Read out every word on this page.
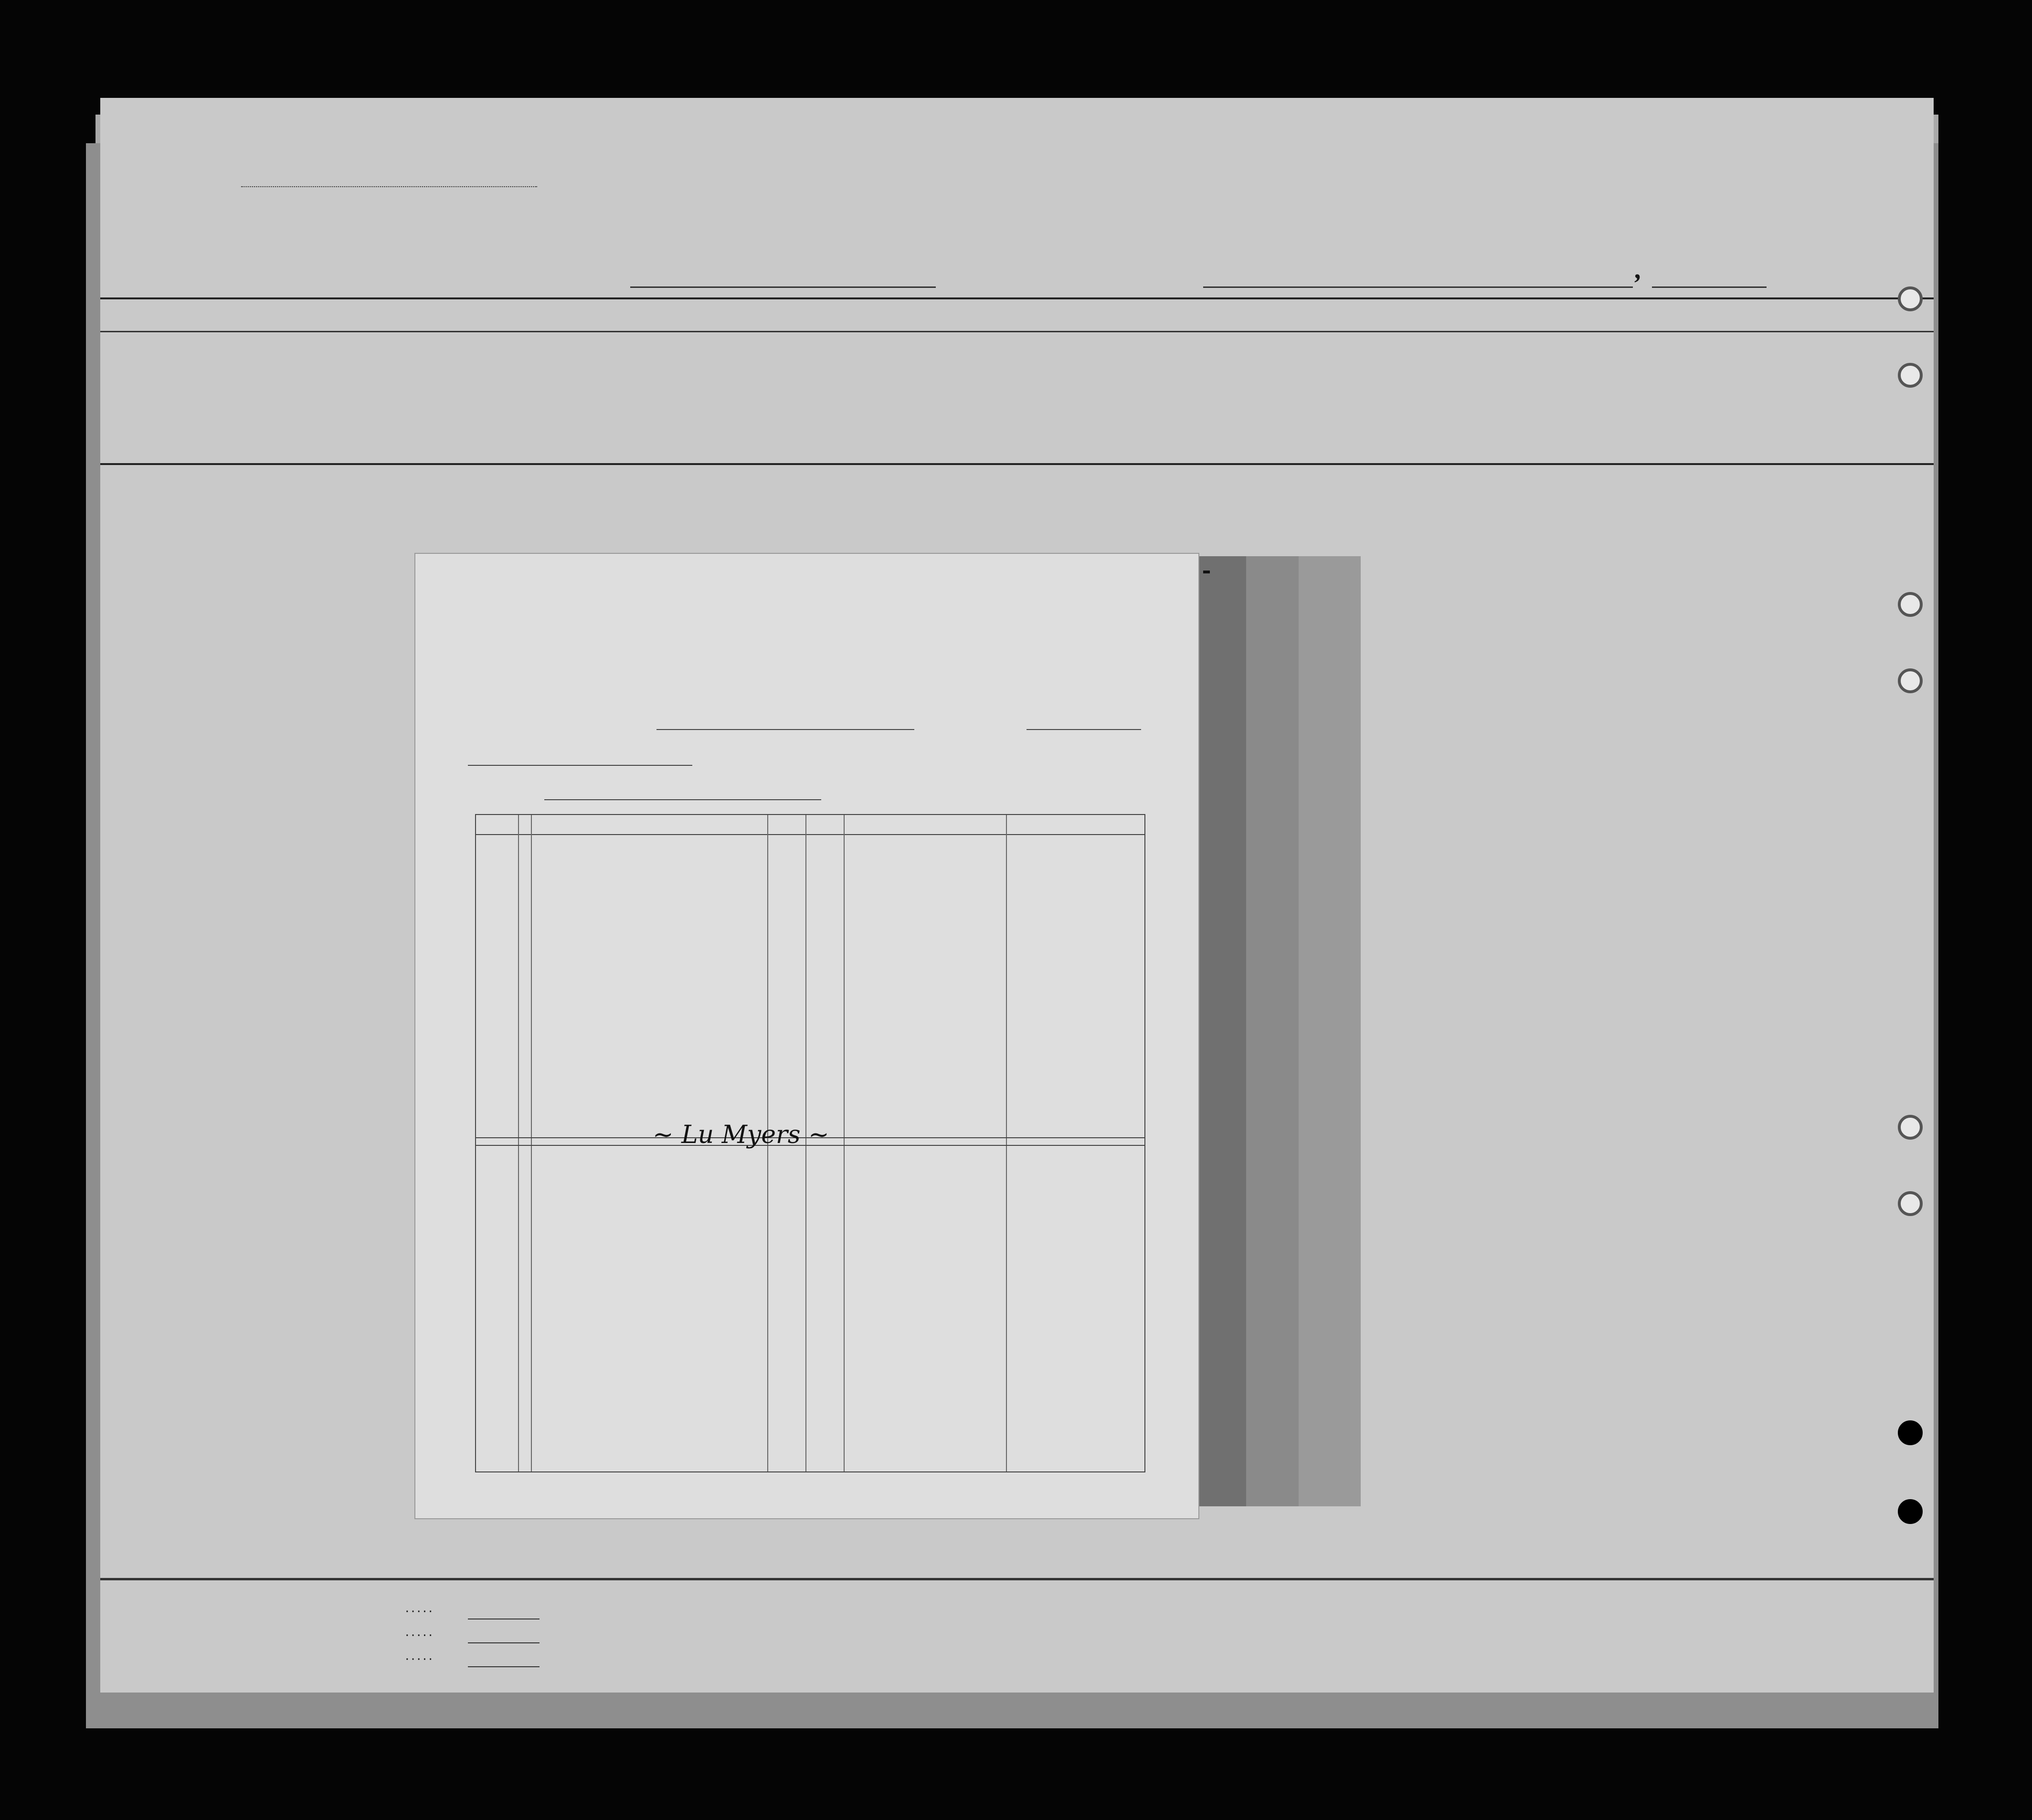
,
· · · · ·
· · · · ·
· · · · ·
~ Lu Myers ~
